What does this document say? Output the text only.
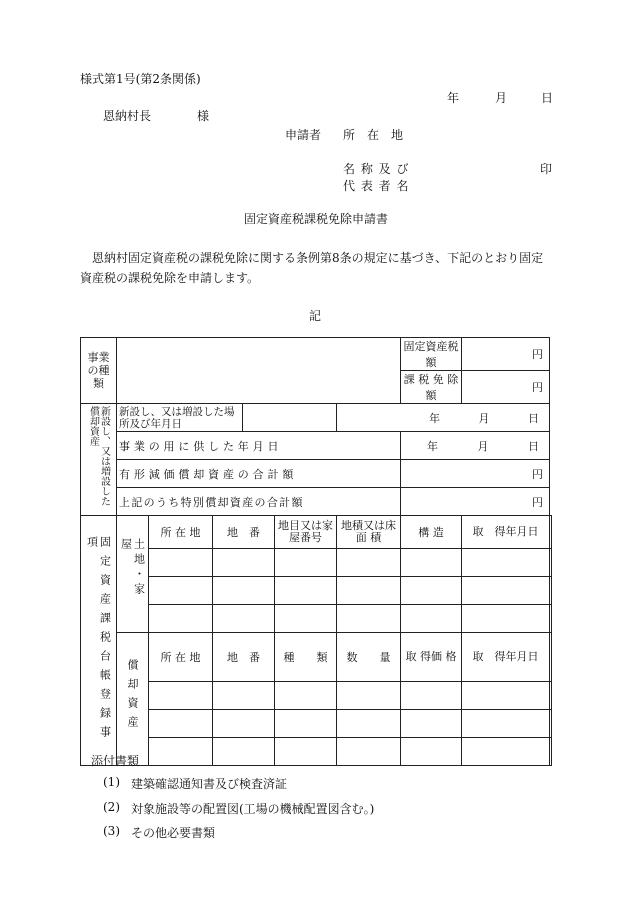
様式第1号(第2条関係)
年	月	日
恩納村長	様
申請者 所　在　地
名 称 及 び
代 表 者 名
印
固定資産税課税免除申請書
恩納村固定資産税の課税免除に関する条例第8条の規定に基づき、下記のとおり固定資産税の課税免除を申請します。
記
事業の種類							固定資産税額	円	
							課 税 免 除 額	円	

新設し、又は増設した償却資産	新設し、又は増設した場所及び年月日					年 月 日			

	事業の用に供した年月日						年 月 日		

	有形減価償却資産の合計額						円		
	上記のうち特別償却資産の合計額						円		

固定資産課税台帳登録事項	土地・家屋	所 在 地	地　番		地目又は家屋番号	地積又は床 面 積	構 造	取　得年月日	

	償却資産	所 在 地	地　番		種　　類	数　　量	取 得価 格	取　得年月日	

添付書類
(1) 建築確認通知書及び検査済証
(2) 対象施設等の配置図(工場の機械配置図含む。)
(3) その他必要書類
